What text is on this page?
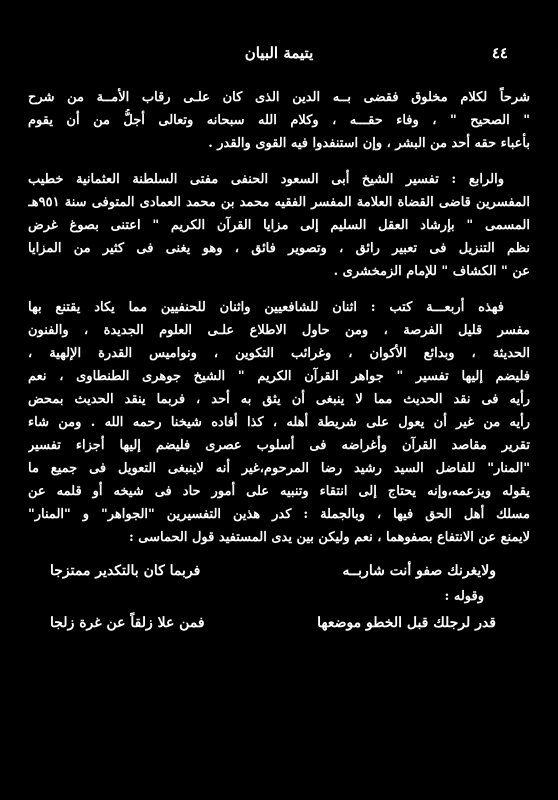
٤٤
يتيمة البيان
شرحاً لكلام مخلوق فقضى بــه الدين الذى كان علـى رقاب الأمــة من شرح
" الصحيح " ، وفاء حقـــه ، وكلام الله سبحانه وتعالى أجلُّ من أن يقوم
بأعباء حقه أحد من البشر ، وإن استنفدوا فيه القوى والقدر .
والرابع : تفسير الشيخ أبى السعود الحنفى مفتى السلطنة العثمانية خطيب
المفسرين قاضى القضاة العلامة المفسر الفقيه محمد بن محمد العمادى المتوفى سنة ٩٥١هـ
المسمى " بإرشاد العقل السليم إلى مزايا القرآن الكريم " اعتنى بصوغ غرض
نظم التنزيل فى تعبير رائق ، وتصوير فائق ، وهو يغنى فى كثير من المزايا
عن " الكشاف " للإمام الزمخشرى .
فهذه أربعـــة كتب : اثنان للشافعيين واثنان للحنفيين مما يكاد يقتنع بها
مفسر قليل الفرصة ، ومن حاول الاطلاع علـى العلوم الجديدة ، والفنون
الحديثة ، وبدائع الأكوان ، وغرائب التكوين ، ونواميس القدرة الإلهية ،
فليضم إليها تفسير " جواهر القرآن الكريم " الشيخ جوهرى الطنطاوى ، نعم
رأيه فى نقد الحديث مما لا ينبغى أن يثق به أحد ، فربما ينقد الحديث بمحض
رأيه من غير أن يعول على شريطة أهله ، كذا أفاده شيخنا رحمه الله . ومن شاء
تقرير مقاصد القرآن وأغراضه فى أسلوب عصرى فليضم إليها أجزاء تفسير
"المنار" للفاضل السيد رشيد رضا المرحوم،غير أنه لاينبغى التعويل فى جميع ما
يقوله ويزعمه،وإنه يحتاج إلى انتقاء وتنبيه على أمور حاد فى شيخه أو قلمه عن
مسلك أهل الحق فيها ، وبالجملة : كدر هذين التفسيرين "الجواهر" و "المنار"
لايمنع عن الانتفاع بصفوهما ، نعم وليكن بين يدى المستفيد قول الحماسى :
ولايغرنك صفو أنت شاربــه
فربما كان بالتكدير ممتزجا
وقوله :
قدر لرجلك قبل الخطو موضعها
فمن علا زلقاً عن غرة زلجا
